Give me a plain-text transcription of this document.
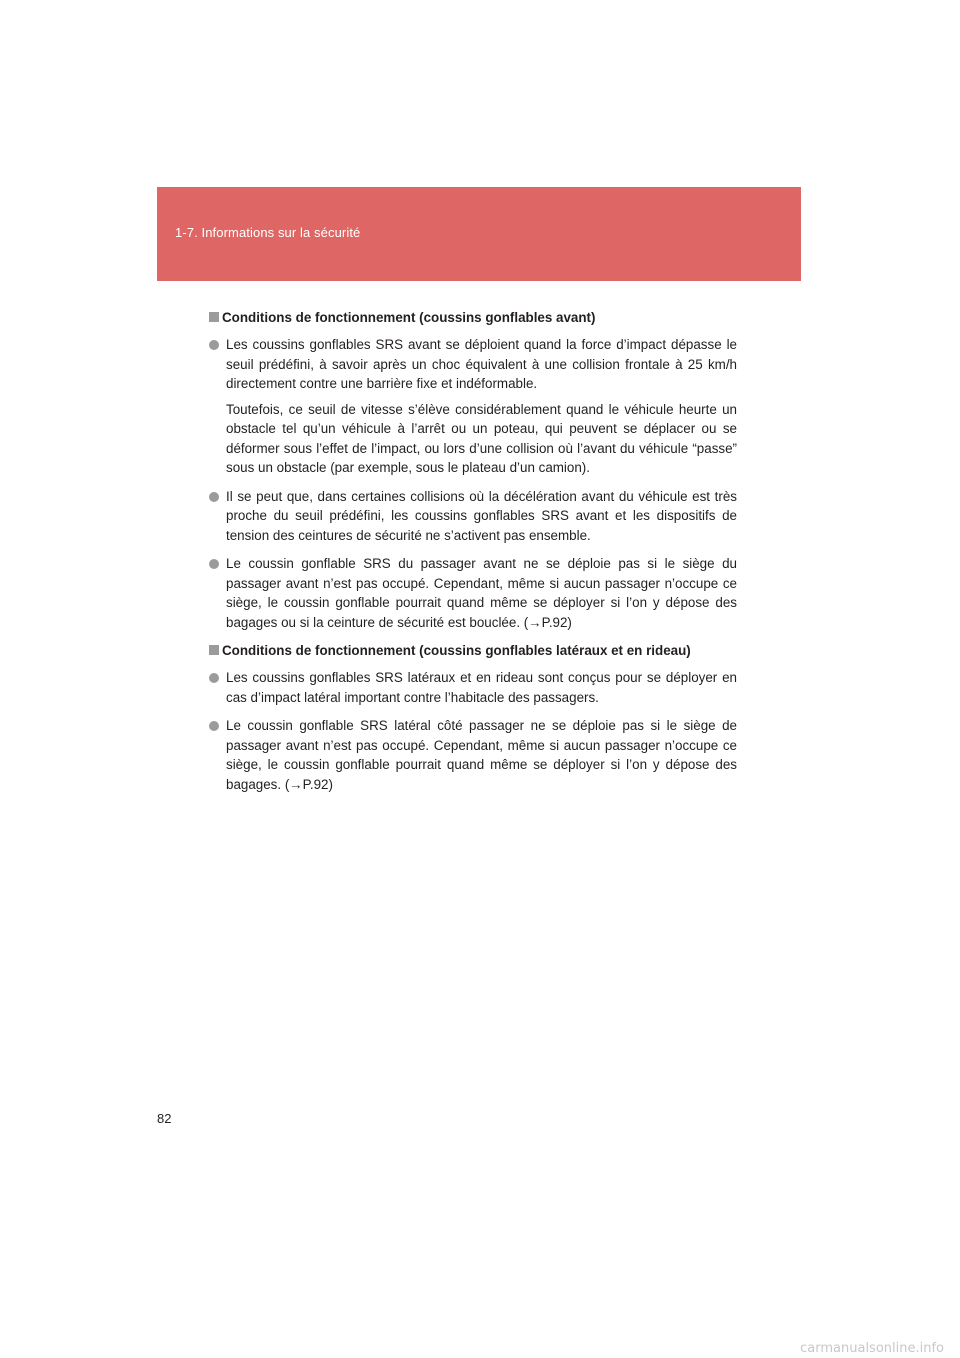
1-7. Informations sur la sécurité
Conditions de fonctionnement (coussins gonflables avant)

Les coussins gonflables SRS avant se déploient quand la force d’impact dépasse le seuil prédéfini, à savoir après un choc équivalent à une collision frontale à 25 km/h directement contre une barrière fixe et indéformable.

Toutefois, ce seuil de vitesse s’élève considérablement quand le véhicule heurte un obstacle tel qu’un véhicule à l’arrêt ou un poteau, qui peuvent se déplacer ou se déformer sous l’effet de l’impact, ou lors d’une collision où l’avant du véhicule “passe” sous un obstacle (par exemple, sous le plateau d’un camion).

Il se peut que, dans certaines collisions où la décélération avant du véhicule est très proche du seuil prédéfini, les coussins gonflables SRS avant et les dispositifs de tension des ceintures de sécurité ne s’activent pas ensemble.

Le coussin gonflable SRS du passager avant ne se déploie pas si le siège du passager avant n’est pas occupé. Cependant, même si aucun passager n’occupe ce siège, le coussin gonflable pourrait quand même se déployer si l’on y dépose des bagages ou si la ceinture de sécurité est bouclée. (→P.92)

Conditions de fonctionnement (coussins gonflables latéraux et en rideau)

Les coussins gonflables SRS latéraux et en rideau sont conçus pour se déployer en cas d’impact latéral important contre l’habitacle des passagers.

Le coussin gonflable SRS latéral côté passager ne se déploie pas si le siège de passager avant n’est pas occupé. Cependant, même si aucun passager n’occupe ce siège, le coussin gonflable pourrait quand même se déployer si l’on y dépose des bagages. (→P.92)

82
carmanualsonline.info
